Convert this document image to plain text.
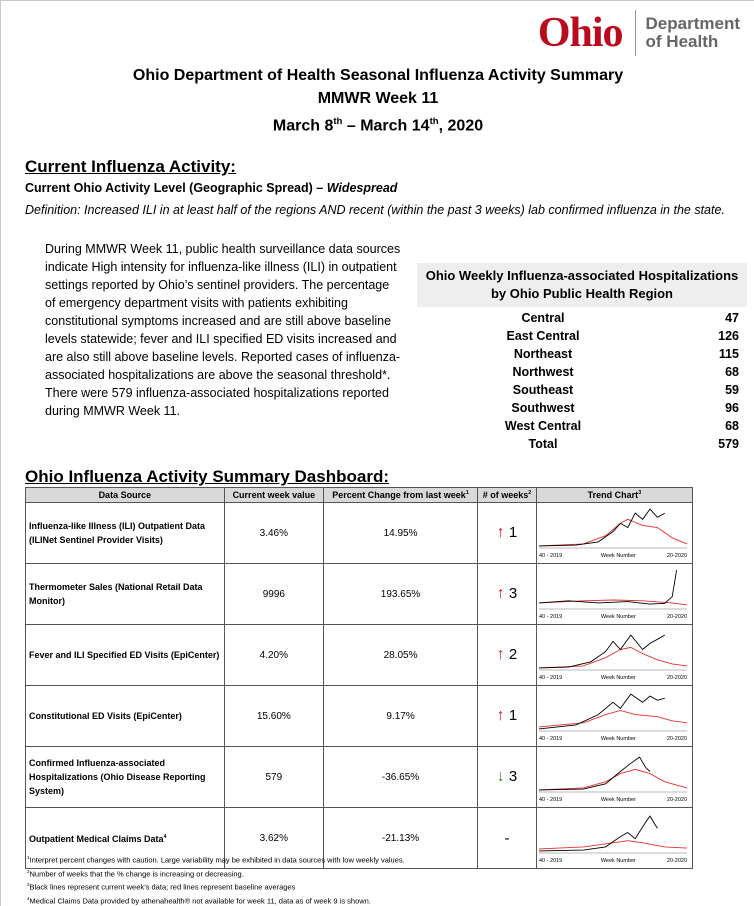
Ohio Department
of Health
Ohio Department of Health Seasonal Influenza Activity Summary
MMWR Week 11
March 8th – March 14th, 2020
Current Influenza Activity:
Current Ohio Activity Level (Geographic Spread) – Widespread
Definition: Increased ILI in at least half of the regions AND recent (within the past 3 weeks) lab confirmed influenza in the state.
During MMWR Week 11, public health surveillance data sources indicate High intensity for influenza-like illness (ILI) in outpatient settings reported by Ohio’s sentinel providers. The percentage of emergency department visits with patients exhibiting constitutional symptoms increased and are still above baseline levels statewide; fever and ILI specified ED visits increased and are also still above baseline levels. Reported cases of influenza-associated hospitalizations are above the seasonal threshold*. There were 579 influenza-associated hospitalizations reported during MMWR Week 11.
Ohio Weekly Influenza-associated Hospitalizations
by Ohio Public Health Region
Central	47
East Central	126
Northeast	115
Northwest	68
Southeast	59
Southwest	96
West Central	68
Total	579
Ohio Influenza Activity Summary Dashboard:
Data Source	Current week value	Percent Change from last week$^1$	# of weeks$^2$	Trend Chart$^3$
Influenza-like Illness (ILI) Outpatient Data (ILINet Sentinel Provider Visits)	3.46%	14.95%	↑ 1	40 - 2019 Week Number 20-2020

Thermometer Sales (National Retail Data Monitor)	9996	193.65%	↑ 3	40 - 2019 Week Number 20-2020

Fever and ILI Specified ED Visits (EpiCenter)	4.20%	28.05%	↑ 2	40 - 2019 Week Number 20-2020

Constitutional ED Visits (EpiCenter)	15.60%	9.17%	↑ 1	40 - 2019 Week Number 20-2020

Confirmed Influenza-associated Hospitalizations (Ohio Disease Reporting System)	579	-36.65%	↓ 3	40 - 2019 Week Number 20-2020

Outpatient Medical Claims Data$^4$	3.62%	-21.13%	-	40 - 2019 Week Number 20-2020
$^1$Interpret percent changes with caution. Large variability may be exhibited in data sources with low weekly values.
$^2$Number of weeks that the % change is increasing or decreasing.
$^3$Black lines represent current week’s data; red lines represent baseline averages
$^4$Medical Claims Data provided by athenahealth® not available for week 11, data as of week 9 is shown.
